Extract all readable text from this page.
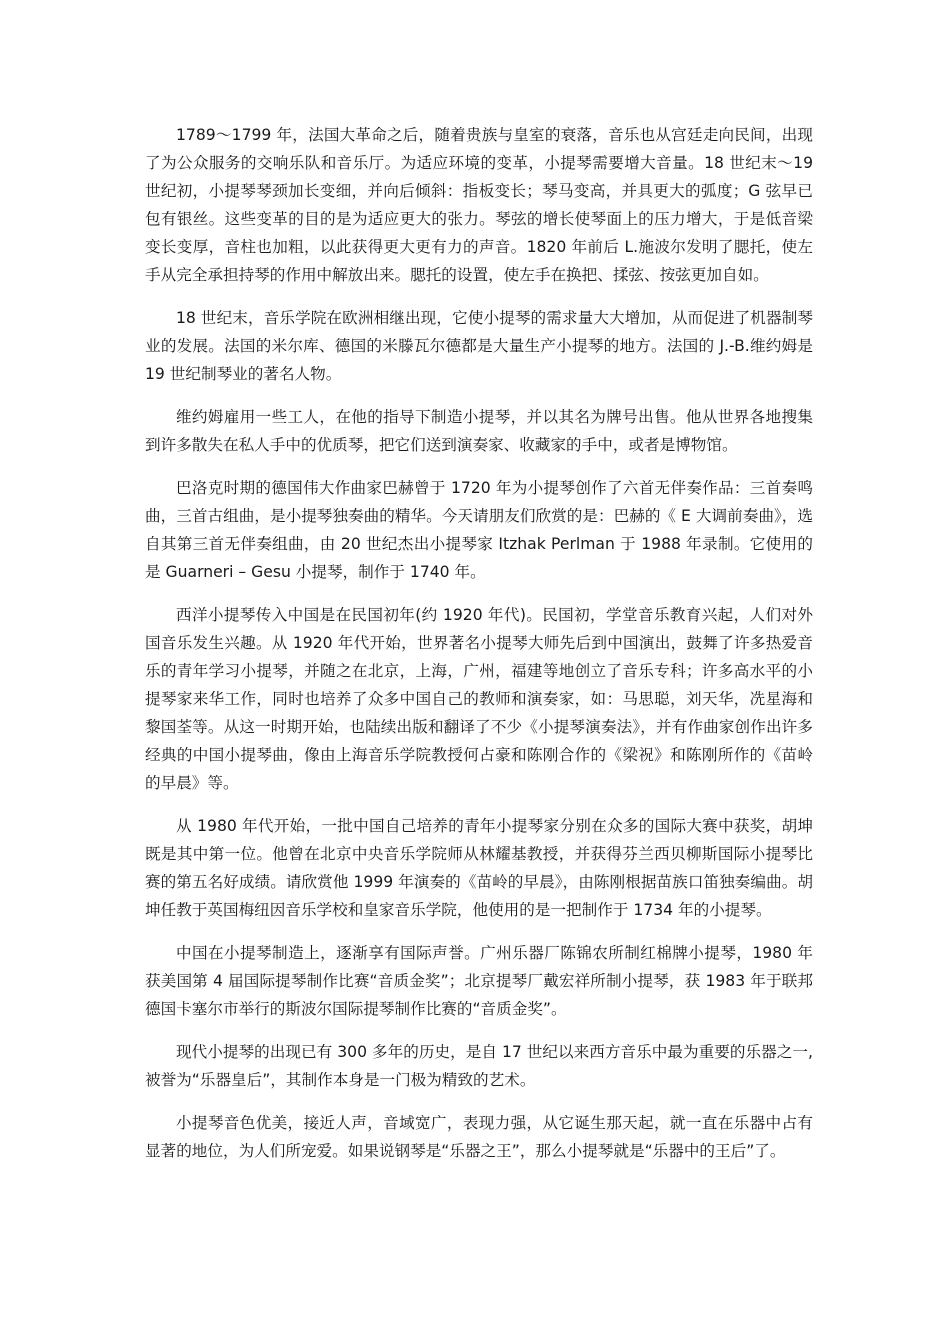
1789～1799 年，法国大革命之后，随着贵族与皇室的衰落，音乐也从宫廷走向民间，出现了为公众服务的交响乐队和音乐厅。为适应环境的变革，小提琴需要增大音量。18 世纪末～19 世纪初，小提琴琴颈加长变细，并向后倾斜：指板变长；琴马变高，并具更大的弧度；G 弦早已包有银丝。这些变革的目的是为适应更大的张力。琴弦的增长使琴面上的压力增大，于是低音梁变长变厚，音柱也加粗，以此获得更大更有力的声音。1820 年前后 L.施波尔发明了腮托，使左手从完全承担持琴的作用中解放出来。腮托的设置，使左手在换把、揉弦、按弦更加自如。

18 世纪末，音乐学院在欧洲相继出现，它使小提琴的需求量大大增加，从而促进了机器制琴业的发展。法国的米尔库、德国的米滕瓦尔德都是大量生产小提琴的地方。法国的 J.-B.维约姆是 19 世纪制琴业的著名人物。

维约姆雇用一些工人，在他的指导下制造小提琴，并以其名为牌号出售。他从世界各地搜集到许多散失在私人手中的优质琴，把它们送到演奏家、收藏家的手中，或者是博物馆。

巴洛克时期的德国伟大作曲家巴赫曾于 1720 年为小提琴创作了六首无伴奏作品：三首奏鸣曲，三首古组曲，是小提琴独奏曲的精华。今天请朋友们欣赏的是：巴赫的《 E 大调前奏曲》，选自其第三首无伴奏组曲，由 20 世纪杰出小提琴家 Itzhak Perlman 于 1988 年录制。它使用的是 Guarneri – Gesu 小提琴，制作于 1740 年。

西洋小提琴传入中国是在民国初年(约 1920 年代)。民国初，学堂音乐教育兴起，人们对外国音乐发生兴趣。从 1920 年代开始，世界著名小提琴大师先后到中国演出，鼓舞了许多热爱音乐的青年学习小提琴，并随之在北京，上海，广州，福建等地创立了音乐专科；许多高水平的小提琴家来华工作，同时也培养了众多中国自己的教师和演奏家，如：马思聪，刘天华，冼星海和黎国荃等。从这一时期开始，也陆续出版和翻译了不少《小提琴演奏法》，并有作曲家创作出许多经典的中国小提琴曲，像由上海音乐学院教授何占豪和陈刚合作的《梁祝》和陈刚所作的《苗岭的早晨》等。

从 1980 年代开始，一批中国自己培养的青年小提琴家分别在众多的国际大赛中获奖，胡坤既是其中第一位。他曾在北京中央音乐学院师从林耀基教授，并获得芬兰西贝柳斯国际小提琴比赛的第五名好成绩。请欣赏他 1999 年演奏的《苗岭的早晨》，由陈刚根据苗族口笛独奏编曲。胡坤任教于英国梅纽因音乐学校和皇家音乐学院，他使用的是一把制作于 1734 年的小提琴。

中国在小提琴制造上，逐渐享有国际声誉。广州乐器厂陈锦农所制红棉牌小提琴，1980 年获美国第 4 届国际提琴制作比赛“音质金奖”；北京提琴厂戴宏祥所制小提琴，获 1983 年于联邦德国卡塞尔市举行的斯波尔国际提琴制作比赛的“音质金奖”。

现代小提琴的出现已有 300 多年的历史，是自 17 世纪以来西方音乐中最为重要的乐器之一,被誉为“乐器皇后”，其制作本身是一门极为精致的艺术。

小提琴音色优美，接近人声，音域宽广，表现力强，从它诞生那天起，就一直在乐器中占有显著的地位，为人们所宠爱。如果说钢琴是“乐器之王”，那么小提琴就是“乐器中的王后”了。
